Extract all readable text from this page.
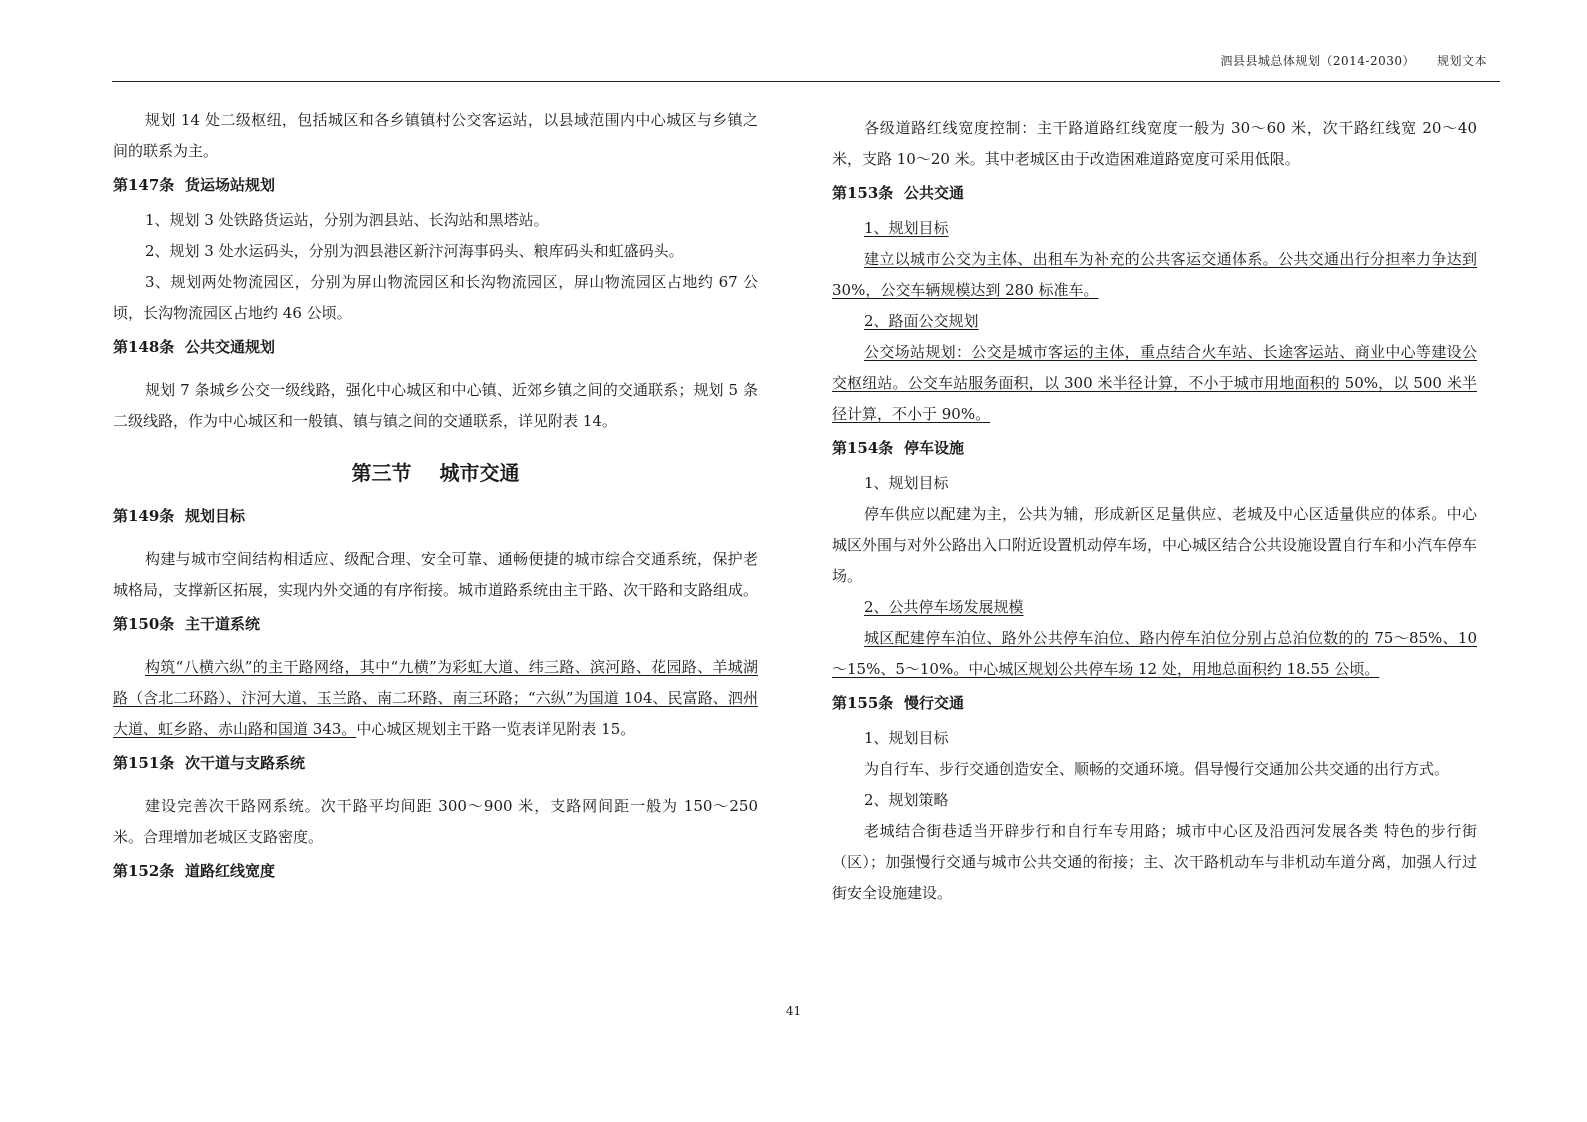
泗县县城总体规划（2014-2030） 规划文本

规划 14 处二级枢纽，包括城区和各乡镇镇村公交客运站，以县域范围内中心城区与乡镇之间的联系为主。

第147条 货运场站规划

1、规划 3 处铁路货运站，分别为泗县站、长沟站和黑塔站。

2、规划 3 处水运码头，分别为泗县港区新汴河海事码头、粮库码头和虹盛码头。

3、规划两处物流园区，分别为屏山物流园区和长沟物流园区，屏山物流园区占地约 67 公顷，长沟物流园区占地约 46 公顷。

第148条 公共交通规划

规划 7 条城乡公交一级线路，强化中心城区和中心镇、近郊乡镇之间的交通联系；规划 5 条二级线路，作为中心城区和一般镇、镇与镇之间的交通联系，详见附表 14。

第三节 城市交通
第149条 规划目标

构建与城市空间结构相适应、级配合理、安全可靠、通畅便捷的城市综合交通系统，保护老城格局，支撑新区拓展，实现内外交通的有序衔接。城市道路系统由主干路、次干路和支路组成。

第150条 主干道系统

构筑“八横六纵”的主干路网络，其中“九横”为彩虹大道、纬三路、滨河路、花园路、羊城湖路（含北二环路）、汴河大道、玉兰路、南二环路、南三环路；“六纵”为国道 104、民富路、泗州大道、虹乡路、赤山路和国道 343。中心城区规划主干路一览表详见附表 15。

第151条 次干道与支路系统

建设完善次干路网系统。次干路平均间距 300～900 米，支路网间距一般为 150～250 米。合理增加老城区支路密度。

第152条 道路红线宽度

各级道路红线宽度控制：主干路道路红线宽度一般为 30～60 米，次干路红线宽 20～40 米，支路 10～20 米。其中老城区由于改造困难道路宽度可采用低限。

第153条 公共交通

1、规划目标

建立以城市公交为主体、出租车为补充的公共客运交通体系。公共交通出行分担率力争达到 30%，公交车辆规模达到 280 标准车。

2、路面公交规划

公交场站规划：公交是城市客运的主体，重点结合火车站、长途客运站、商业中心等建设公交枢纽站。公交车站服务面积，以 300 米半径计算，不小于城市用地面积的 50%，以 500 米半径计算，不小于 90%。

第154条 停车设施

1、规划目标

停车供应以配建为主，公共为辅，形成新区足量供应、老城及中心区适量供应的体系。中心城区外围与对外公路出入口附近设置机动停车场，中心城区结合公共设施设置自行车和小汽车停车场。

2、公共停车场发展规模

城区配建停车泊位、路外公共停车泊位、路内停车泊位分别占总泊位数的的 75～85%、10～15%、5～10%。中心城区规划公共停车场 12 处，用地总面积约 18.55 公顷。

第155条 慢行交通

1、规划目标

为自行车、步行交通创造安全、顺畅的交通环境。倡导慢行交通加公共交通的出行方式。

2、规划策略

老城结合街巷适当开辟步行和自行车专用路；城市中心区及沿西河发展各类 特色的步行街（区）；加强慢行交通与城市公共交通的衔接；主、次干路机动车与非机动车道分离，加强人行过街安全设施建设。

41
